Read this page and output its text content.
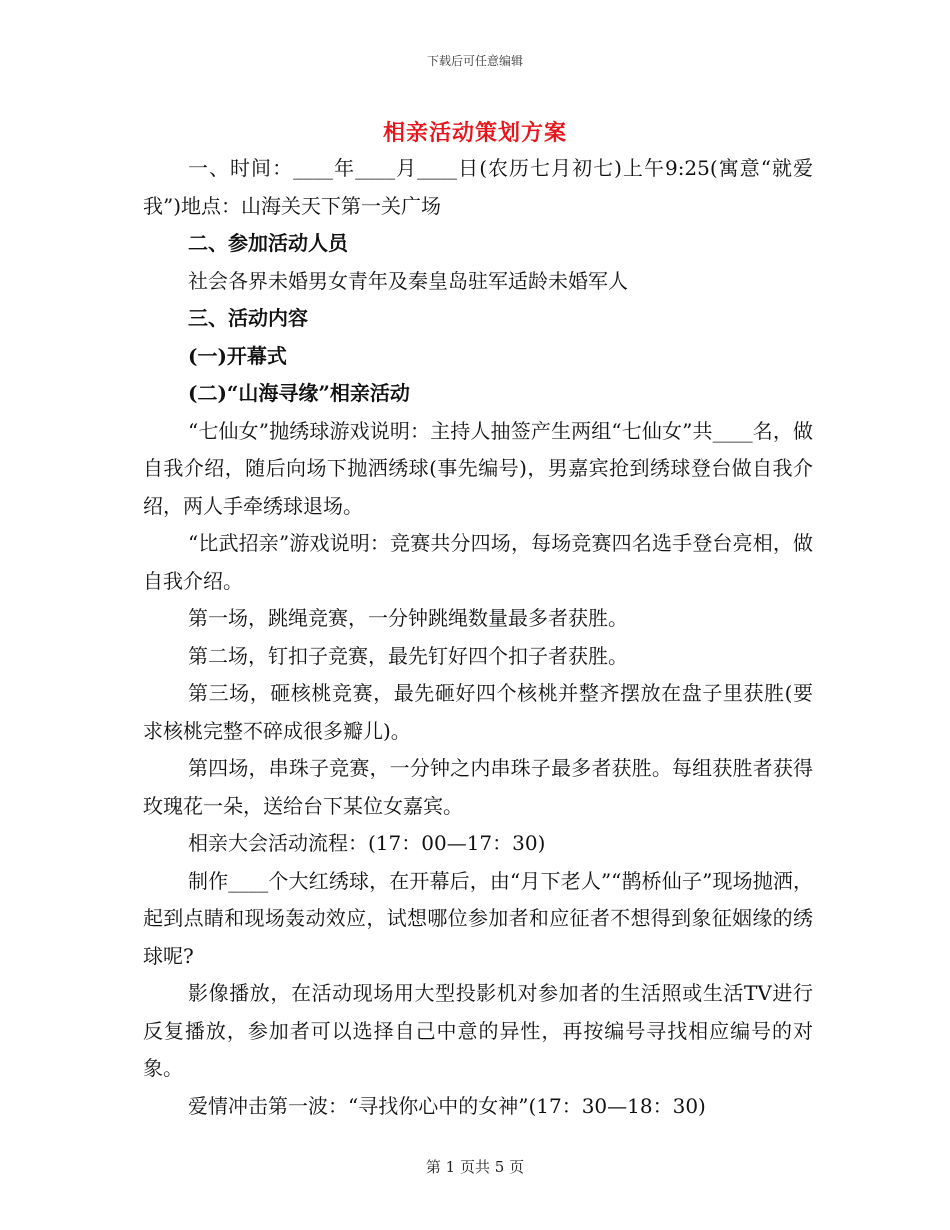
下载后可任意编辑
相亲活动策划方案

一、时间：____年____月____日(农历七月初七)上午9:25(寓意“就爱我”)地点：山海关天下第一关广场

二、参加活动人员

社会各界未婚男女青年及秦皇岛驻军适龄未婚军人

三、活动内容

(一)开幕式

(二)“山海寻缘”相亲活动

“七仙女”抛绣球游戏说明：主持人抽签产生两组“七仙女”共____名，做自我介绍，随后向场下抛洒绣球(事先编号)，男嘉宾抢到绣球登台做自我介绍，两人手牵绣球退场。

“比武招亲”游戏说明：竞赛共分四场，每场竞赛四名选手登台亮相，做自我介绍。

第一场，跳绳竞赛，一分钟跳绳数量最多者获胜。

第二场，钉扣子竞赛，最先钉好四个扣子者获胜。

第三场，砸核桃竞赛，最先砸好四个核桃并整齐摆放在盘子里获胜(要求核桃完整不碎成很多瓣儿)。

第四场，串珠子竞赛，一分钟之内串珠子最多者获胜。每组获胜者获得玫瑰花一朵，送给台下某位女嘉宾。

相亲大会活动流程：(17：00—17：30)

制作____个大红绣球，在开幕后，由“月下老人”“鹊桥仙子”现场抛洒，起到点睛和现场轰动效应，试想哪位参加者和应征者不想得到象征姻缘的绣球呢?

影像播放，在活动现场用大型投影机对参加者的生活照或生活TV进行反复播放，参加者可以选择自己中意的异性，再按编号寻找相应编号的对象。

爱情冲击第一波：“寻找你心中的女神”(17：30—18：30)

第 1 页共 5 页
